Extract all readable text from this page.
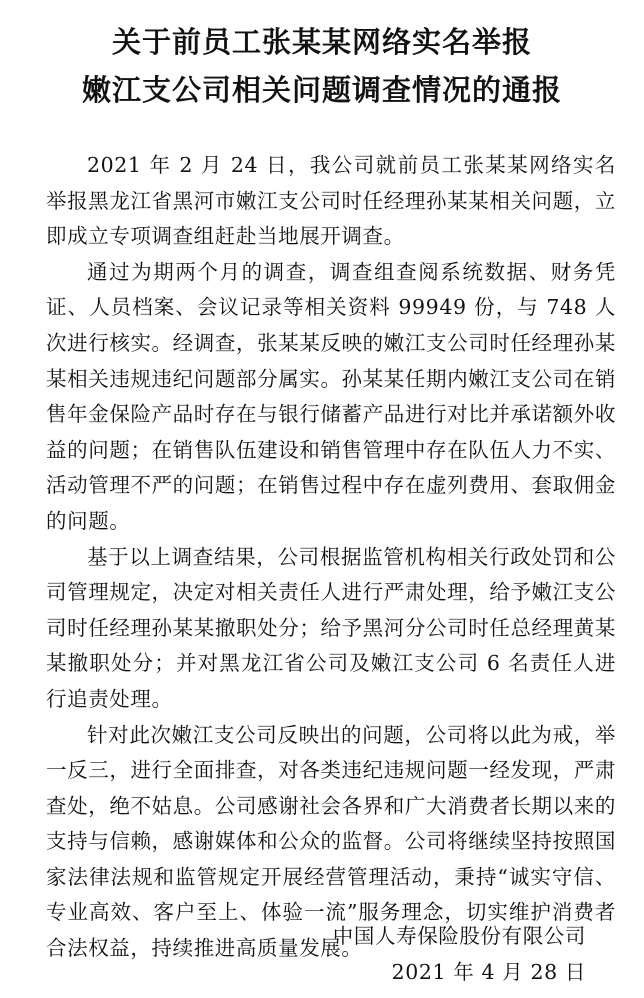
关于前员工张某某网络实名举报
嫩江支公司相关问题调查情况的通报

2021 年 2 月 24 日，我公司就前员工张某某网络实名举报黑龙江省黑河市嫩江支公司时任经理孙某某相关问题，立即成立专项调查组赶赴当地展开调查。

通过为期两个月的调查，调查组查阅系统数据、财务凭证、人员档案、会议记录等相关资料 99949 份，与 748 人次进行核实。经调查，张某某反映的嫩江支公司时任经理孙某某相关违规违纪问题部分属实。孙某某任期内嫩江支公司在销售年金保险产品时存在与银行储蓄产品进行对比并承诺额外收益的问题；在销售队伍建设和销售管理中存在队伍人力不实、活动管理不严的问题；在销售过程中存在虚列费用、套取佣金的问题。

基于以上调查结果，公司根据监管机构相关行政处罚和公司管理规定，决定对相关责任人进行严肃处理，给予嫩江支公司时任经理孙某某撤职处分；给予黑河分公司时任总经理黄某某撤职处分；并对黑龙江省公司及嫩江支公司 6 名责任人进行追责处理。

针对此次嫩江支公司反映出的问题，公司将以此为戒，举一反三，进行全面排查，对各类违纪违规问题一经发现，严肃查处，绝不姑息。公司感谢社会各界和广大消费者长期以来的支持与信赖，感谢媒体和公众的监督。公司将继续坚持按照国家法律法规和监管规定开展经营管理活动，秉持“诚实守信、专业高效、客户至上、体验一流”服务理念，切实维护消费者合法权益，持续推进高质量发展。

中国人寿保险股份有限公司
2021 年 4 月 28 日
